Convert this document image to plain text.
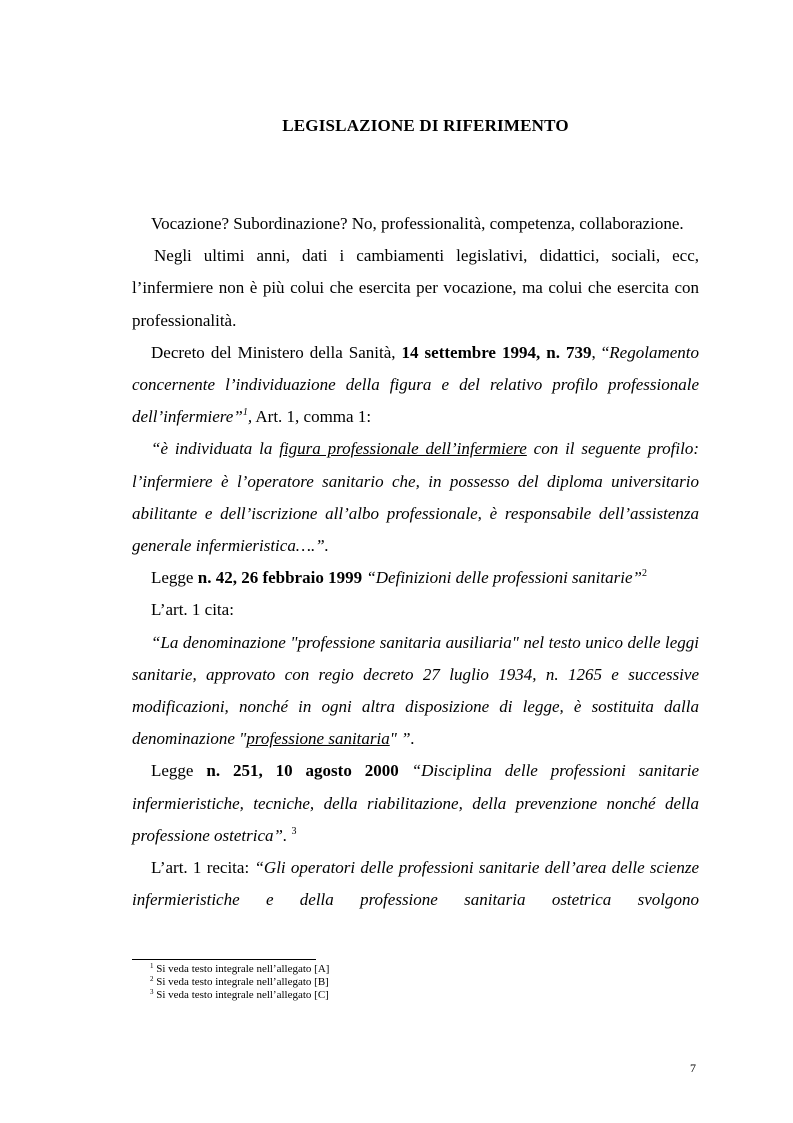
LEGISLAZIONE DI RIFERIMENTO

Vocazione? Subordinazione? No, professionalità, competenza, collaborazione.

Negli ultimi anni, dati i cambiamenti legislativi, didattici, sociali, ecc, l’infermiere non è più colui che esercita per vocazione, ma colui che esercita con professionalità.

Decreto del Ministero della Sanità, 14 settembre 1994, n. 739, “Regolamento concernente l’individuazione della figura e del relativo profilo professionale dell’infermiere”$^1$, Art. 1, comma 1:

“è individuata la figura professionale dell’infermiere con il seguente profilo: l’infermiere è l’operatore sanitario che, in possesso del diploma universitario abilitante e dell’iscrizione all’albo professionale, è responsabile dell’assistenza generale infermieristica….”.

Legge n. 42, 26 febbraio 1999 “Definizioni delle professioni sanitarie”$^2$

L’art. 1 cita:

“La denominazione "professione sanitaria ausiliaria" nel testo unico delle leggi sanitarie, approvato con regio decreto 27 luglio 1934, n. 1265 e successive modificazioni, nonché in ogni altra disposizione di legge, è sostituita dalla denominazione "professione sanitaria" ”.

Legge n. 251, 10 agosto 2000 “Disciplina delle professioni sanitarie infermieristiche, tecniche, della riabilitazione, della prevenzione nonché della professione ostetrica”. $^3$

L’art. 1 recita: “Gli operatori delle professioni sanitarie dell’area delle scienze infermieristiche e della professione sanitaria ostetrica svolgono

$^1$ Si veda testo integrale nell’allegato [A]
$^2$ Si veda testo integrale nell’allegato [B]
$^3$ Si veda testo integrale nell’allegato [C]
7
